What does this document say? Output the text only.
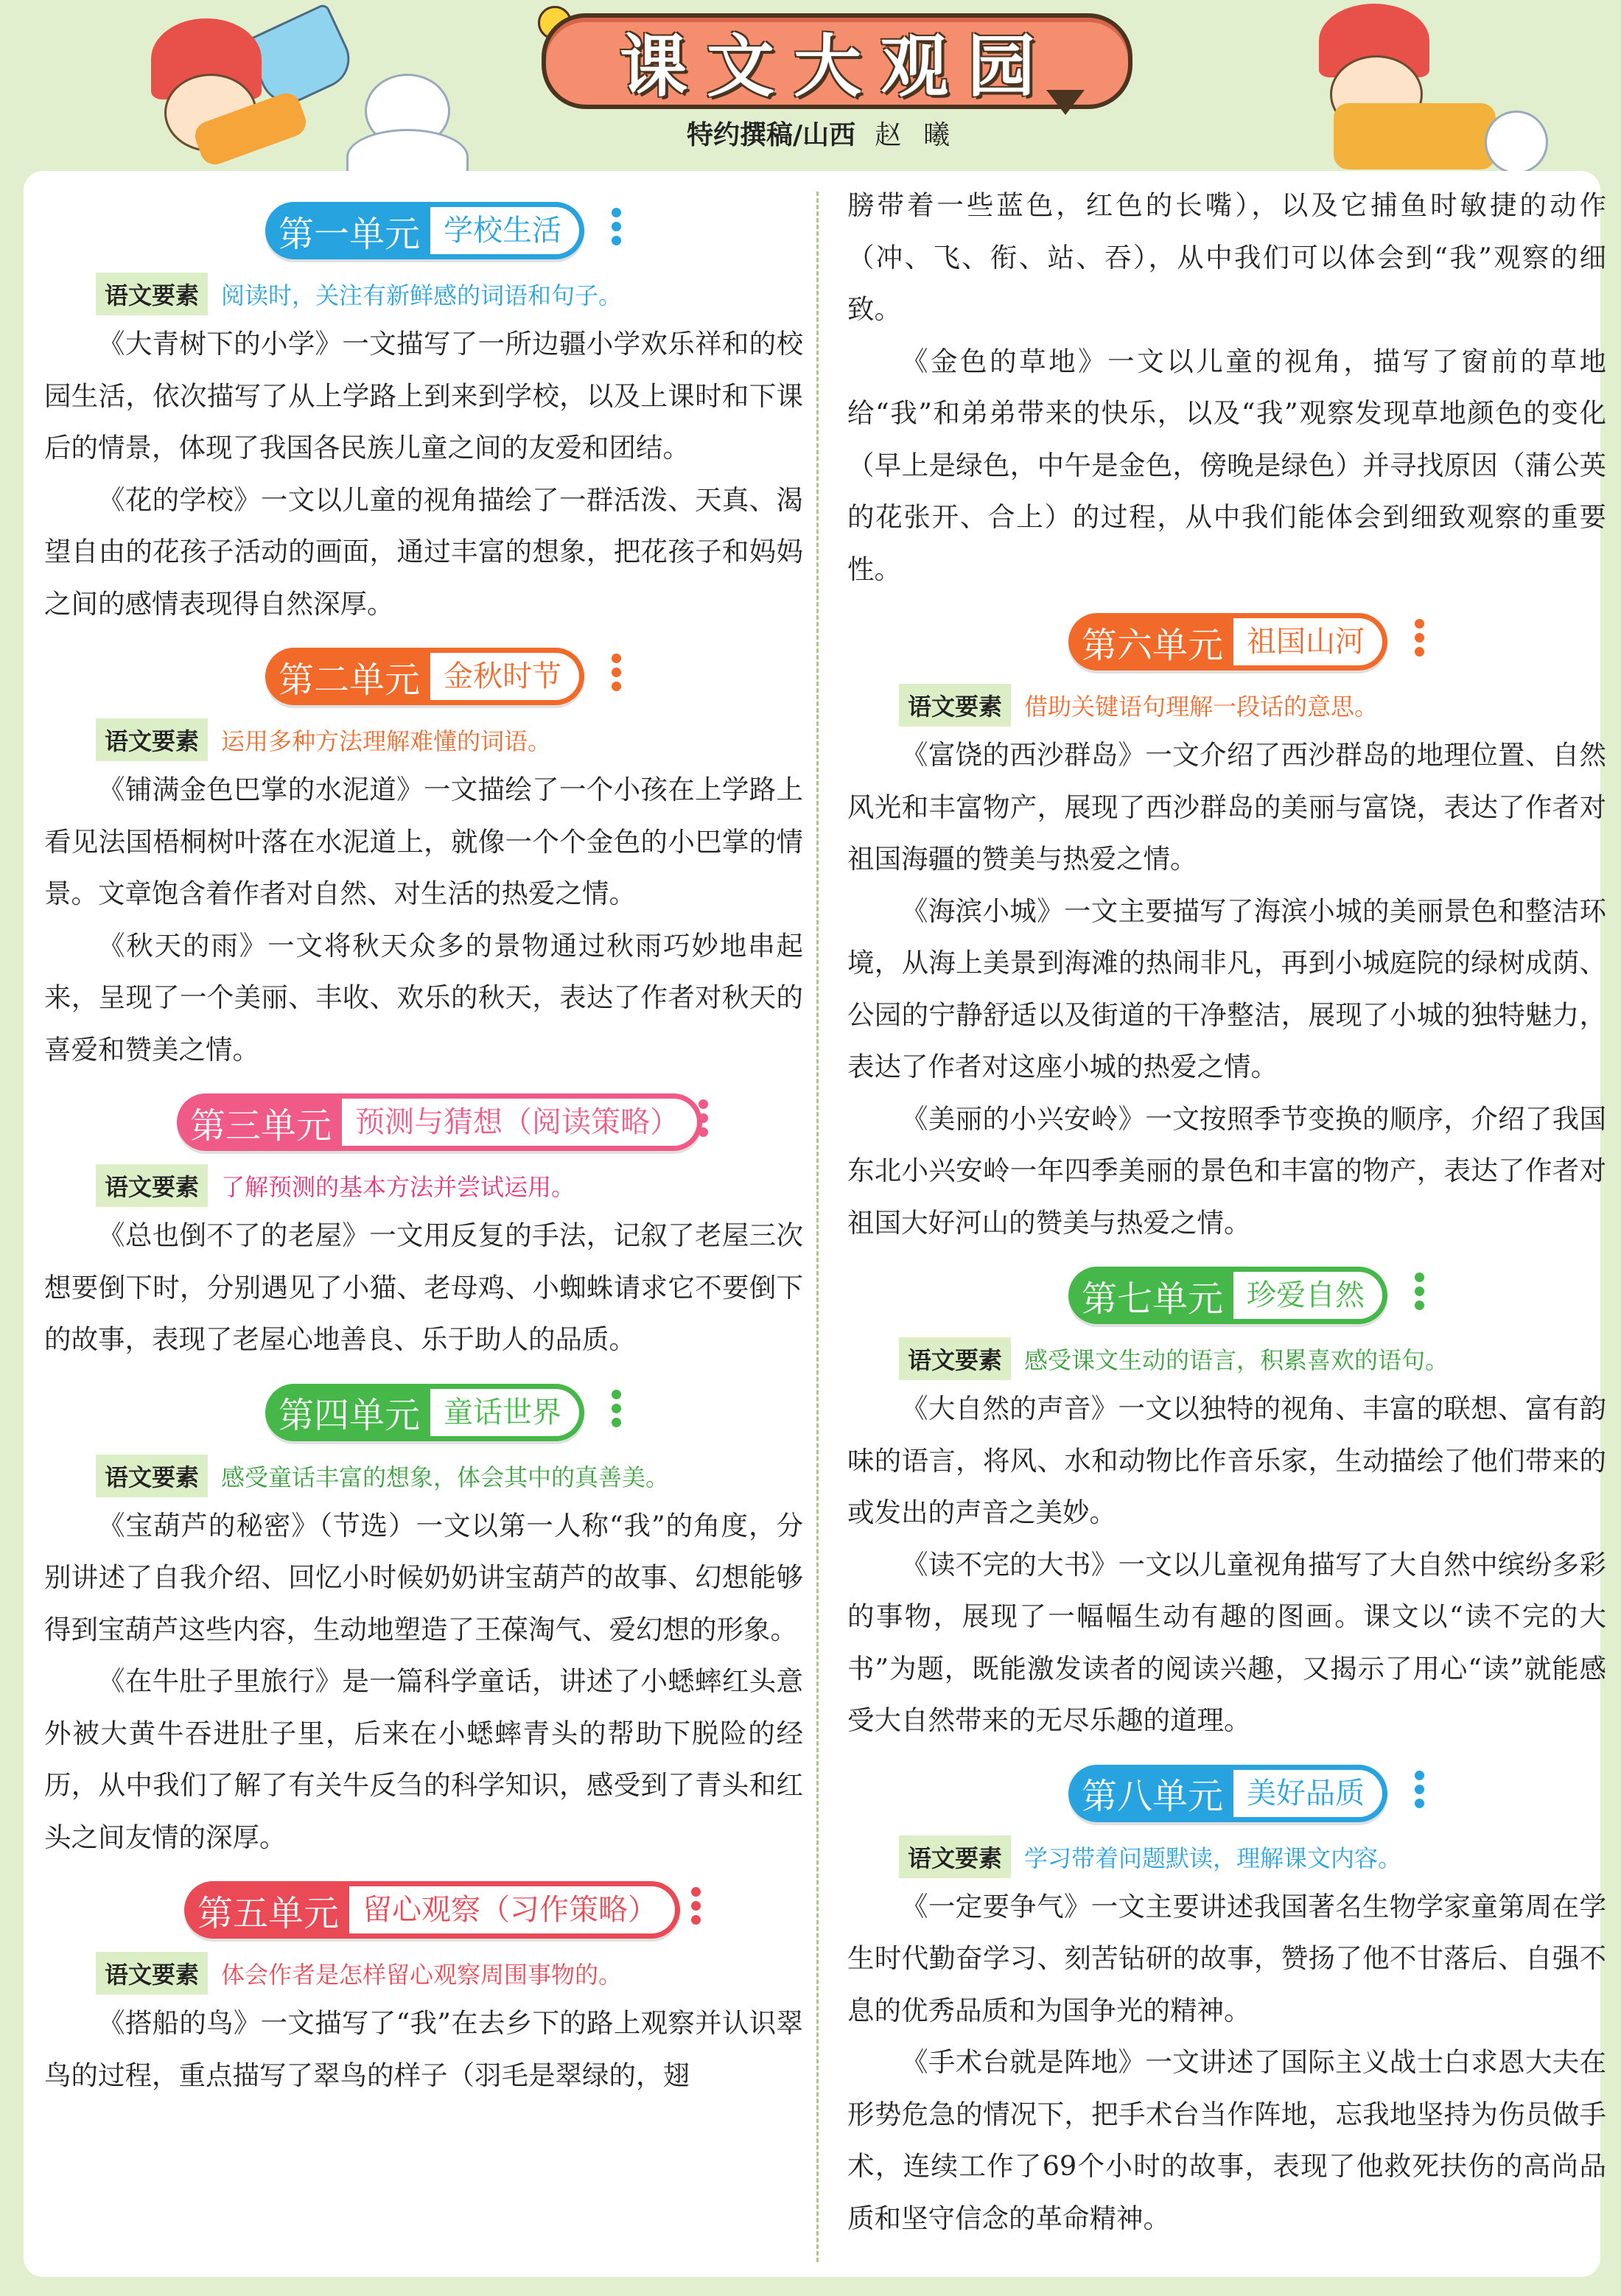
课文大观园
特约撰稿/山西 赵曦
第一单元 学校生活
语文要素 阅读时，关注有新鲜感的词语和句子。

《大青树下的小学》一文描写了一所边疆小学欢乐祥和的校园生活，依次描写了从上学路上到来到学校，以及上课时和下课后的情景，体现了我国各民族儿童之间的友爱和团结。

《花的学校》一文以儿童的视角描绘了一群活泼、天真、渴望自由的花孩子活动的画面，通过丰富的想象，把花孩子和妈妈之间的感情表现得自然深厚。

第二单元 金秋时节
语文要素 运用多种方法理解难懂的词语。

《铺满金色巴掌的水泥道》一文描绘了一个小孩在上学路上看见法国梧桐树叶落在水泥道上，就像一个个金色的小巴掌的情景。文章饱含着作者对自然、对生活的热爱之情。

《秋天的雨》一文将秋天众多的景物通过秋雨巧妙地串起来，呈现了一个美丽、丰收、欢乐的秋天，表达了作者对秋天的喜爱和赞美之情。

第三单元 预测与猜想（阅读策略）
语文要素 了解预测的基本方法并尝试运用。

《总也倒不了的老屋》一文用反复的手法，记叙了老屋三次想要倒下时，分别遇见了小猫、老母鸡、小蜘蛛请求它不要倒下的故事，表现了老屋心地善良、乐于助人的品质。

第四单元 童话世界
语文要素 感受童话丰富的想象，体会其中的真善美。

《宝葫芦的秘密》（节选）一文以第一人称“我”的角度，分别讲述了自我介绍、回忆小时候奶奶讲宝葫芦的故事、幻想能够得到宝葫芦这些内容，生动地塑造了王葆淘气、爱幻想的形象。

《在牛肚子里旅行》是一篇科学童话，讲述了小蟋蟀红头意外被大黄牛吞进肚子里，后来在小蟋蟀青头的帮助下脱险的经历，从中我们了解了有关牛反刍的科学知识，感受到了青头和红头之间友情的深厚。

第五单元 留心观察（习作策略）
语文要素 体会作者是怎样留心观察周围事物的。

《搭船的鸟》一文描写了“我”在去乡下的路上观察并认识翠鸟的过程，重点描写了翠鸟的样子（羽毛是翠绿的，翅

膀带着一些蓝色，红色的长嘴），以及它捕鱼时敏捷的动作（冲、飞、衔、站、吞），从中我们可以体会到“我”观察的细致。

《金色的草地》一文以儿童的视角，描写了窗前的草地给“我”和弟弟带来的快乐，以及“我”观察发现草地颜色的变化（早上是绿色，中午是金色，傍晚是绿色）并寻找原因（蒲公英的花张开、合上）的过程，从中我们能体会到细致观察的重要性。

第六单元 祖国山河
语文要素 借助关键语句理解一段话的意思。

《富饶的西沙群岛》一文介绍了西沙群岛的地理位置、自然风光和丰富物产，展现了西沙群岛的美丽与富饶，表达了作者对祖国海疆的赞美与热爱之情。

《海滨小城》一文主要描写了海滨小城的美丽景色和整洁环境，从海上美景到海滩的热闹非凡，再到小城庭院的绿树成荫、公园的宁静舒适以及街道的干净整洁，展现了小城的独特魅力，表达了作者对这座小城的热爱之情。

《美丽的小兴安岭》一文按照季节变换的顺序，介绍了我国东北小兴安岭一年四季美丽的景色和丰富的物产，表达了作者对祖国大好河山的赞美与热爱之情。

第七单元 珍爱自然
语文要素 感受课文生动的语言，积累喜欢的语句。

《大自然的声音》一文以独特的视角、丰富的联想、富有韵味的语言，将风、水和动物比作音乐家，生动描绘了他们带来的或发出的声音之美妙。

《读不完的大书》一文以儿童视角描写了大自然中缤纷多彩的事物，展现了一幅幅生动有趣的图画。课文以“读不完的大书”为题，既能激发读者的阅读兴趣，又揭示了用心“读”就能感受大自然带来的无尽乐趣的道理。

第八单元 美好品质
语文要素 学习带着问题默读，理解课文内容。

《一定要争气》一文主要讲述我国著名生物学家童第周在学生时代勤奋学习、刻苦钻研的故事，赞扬了他不甘落后、自强不息的优秀品质和为国争光的精神。

《手术台就是阵地》一文讲述了国际主义战士白求恩大夫在形势危急的情况下，把手术台当作阵地，忘我地坚持为伤员做手术，连续工作了69个小时的故事，表现了他救死扶伤的高尚品质和坚守信念的革命精神。
